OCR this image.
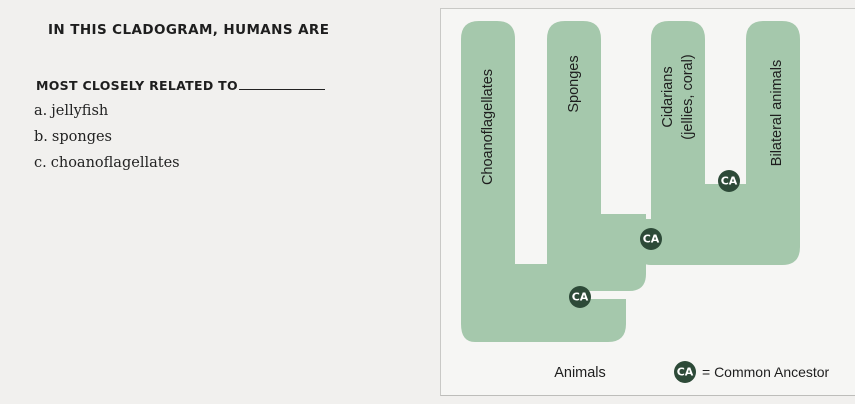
IN THIS CLADOGRAM, HUMANS ARE
MOST CLOSELY RELATED TO
a. jellyfish
b. sponges
c. choanoflagellates	Choanoflagellates	Sponges	Cidarians (jellies, coral)	Bilateral animals
CA
CA
CA
Animals	CA = Common Ancestor
